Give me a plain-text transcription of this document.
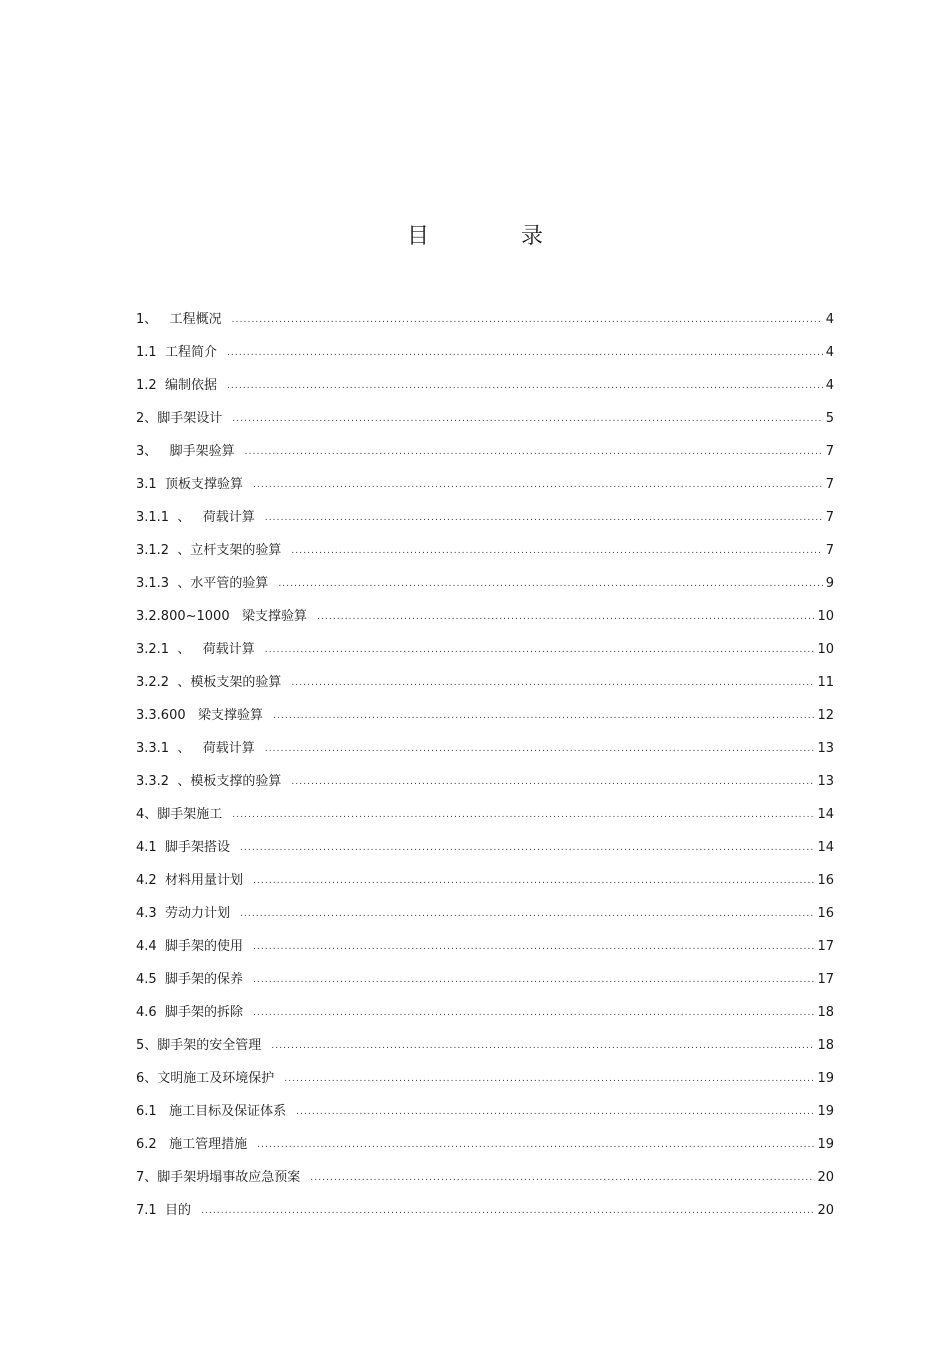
目	录
1、   工程概况 .....	4
1.1  工程简介 .....	4
1.2  编制依据 .....	4
2、脚手架设计 .....	5
3、   脚手架验算 .....	7
3.1  顶板支撑验算 .....	7
3.1.1  、   荷载计算 .....	7
3.1.2  、立杆支架的验算 .....	7
3.1.3  、水平管的验算 .....	9
3.2.800~1000   梁支撑验算 .....	10
3.2.1  、   荷载计算 .....	10
3.2.2  、模板支架的验算 .....	11
3.3.600   梁支撑验算 .....	12
3.3.1  、   荷载计算 .....	13
3.3.2  、模板支撑的验算 .....	13
4、脚手架施工 .....	14
4.1  脚手架搭设 .....	14
4.2  材料用量计划 .....	16
4.3  劳动力计划 .....	16
4.4  脚手架的使用 .....	17
4.5  脚手架的保养 .....	17
4.6  脚手架的拆除 .....	18
5、脚手架的安全管理 .....	18
6、文明施工及环境保护 .....	19
6.1   施工目标及保证体系 .....	19
6.2   施工管理措施 .....	19
7、脚手架坍塌事故应急预案 .....	20
7.1  目的 .....	20
